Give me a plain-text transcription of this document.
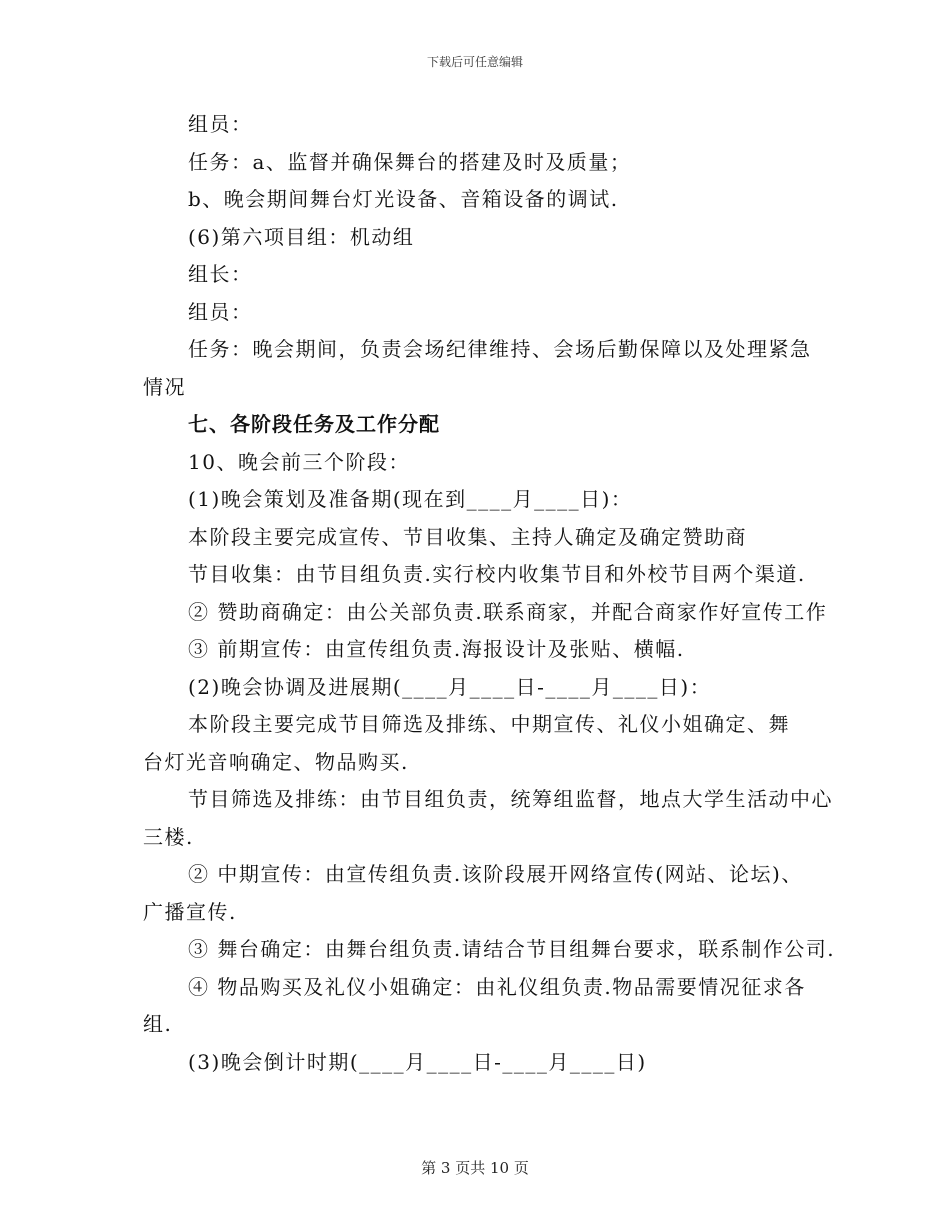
下载后可任意编辑
组员：
任务：a、监督并确保舞台的搭建及时及质量；
b、晚会期间舞台灯光设备、音箱设备的调试.
(6)第六项目组：机动组
组长：
组员：
任务：晚会期间，负责会场纪律维持、会场后勤保障以及处理紧急
情况
七、各阶段任务及工作分配
10、晚会前三个阶段：
(1)晚会策划及准备期(现在到____月____日)：
本阶段主要完成宣传、节目收集、主持人确定及确定赞助商
节目收集：由节目组负责.实行校内收集节目和外校节目两个渠道.
② 赞助商确定：由公关部负责.联系商家，并配合商家作好宣传工作
③ 前期宣传：由宣传组负责.海报设计及张贴、横幅.
(2)晚会协调及进展期(____月____日-____月____日)：
本阶段主要完成节目筛选及排练、中期宣传、礼仪小姐确定、舞
台灯光音响确定、物品购买.
节目筛选及排练：由节目组负责，统筹组监督，地点大学生活动中心
三楼.
② 中期宣传：由宣传组负责.该阶段展开网络宣传(网站、论坛)、
广播宣传.
③ 舞台确定：由舞台组负责.请结合节目组舞台要求，联系制作公司.
④ 物品购买及礼仪小姐确定：由礼仪组负责.物品需要情况征求各
组.
(3)晚会倒计时期(____月____日-____月____日)
第 3 页共 10 页
